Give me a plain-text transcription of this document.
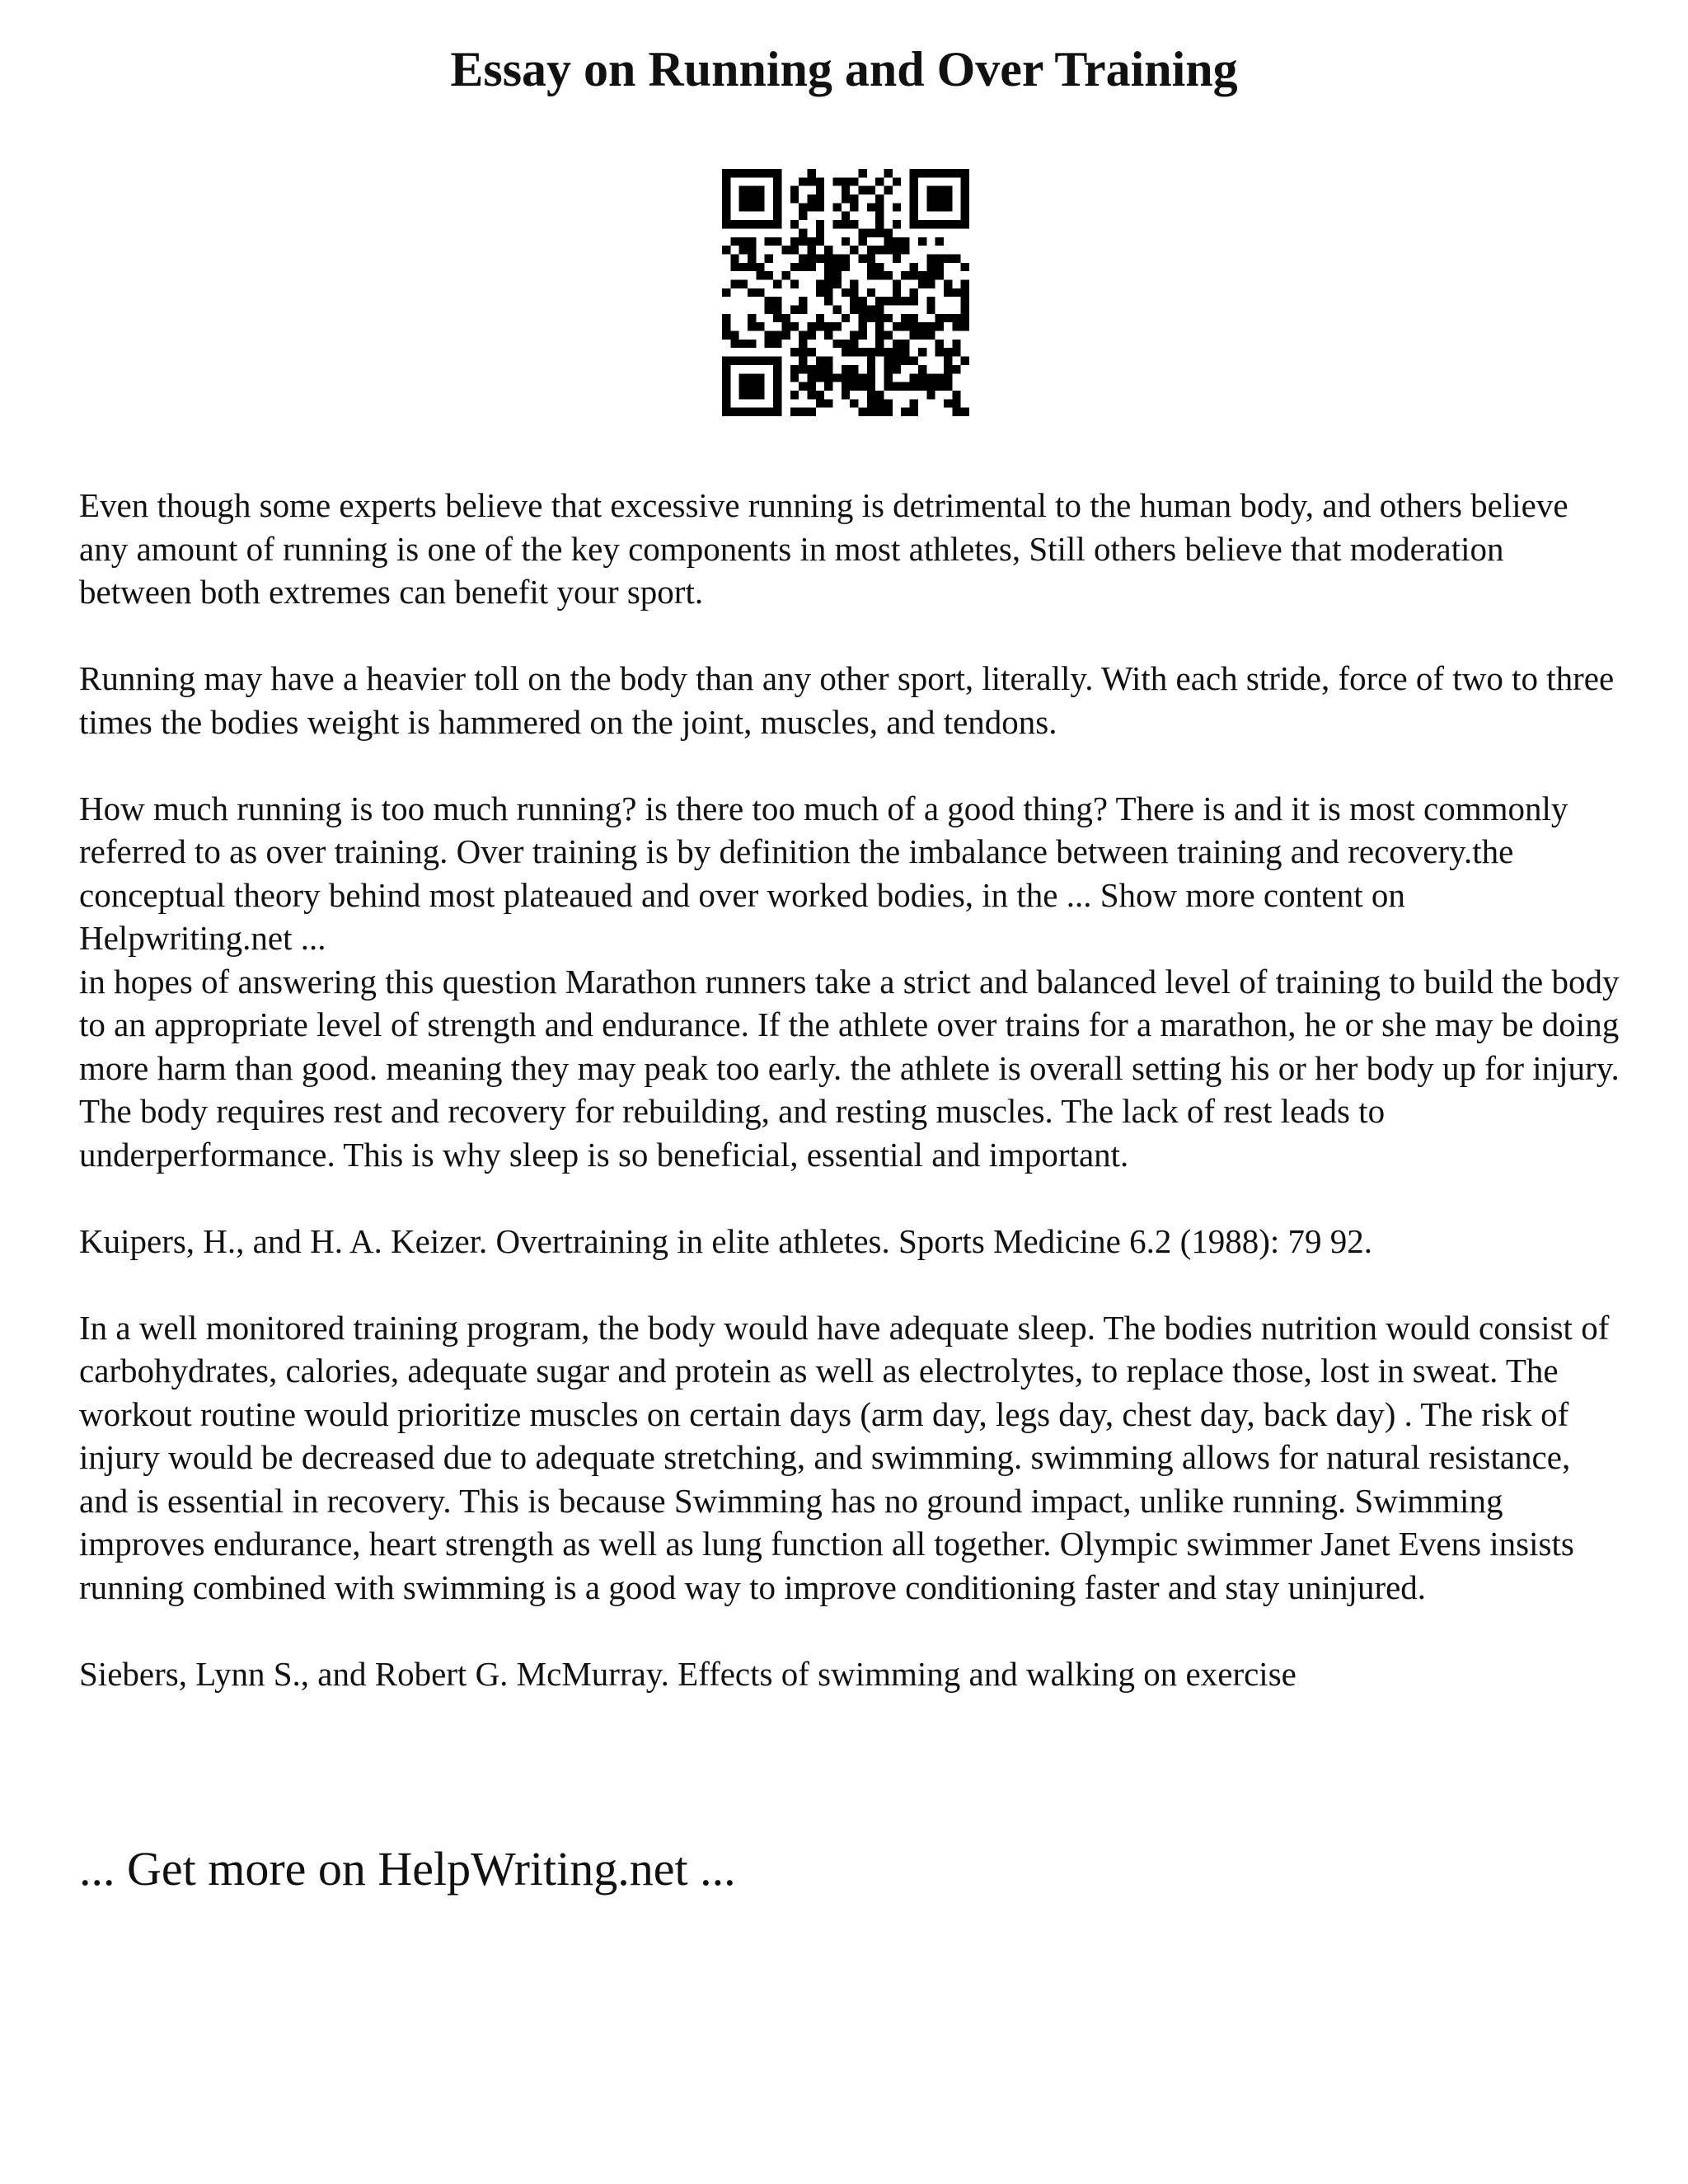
Essay on Running and Over Training

Even though some experts believe that excessive running is detrimental to the human body, and others believe any amount of running is one of the key components in most athletes, Still others believe that moderation between both extremes can benefit your sport.

Running may have a heavier toll on the body than any other sport, literally. With each stride, force of two to three times the bodies weight is hammered on the joint, muscles, and tendons.

How much running is too much running? is there too much of a good thing? There is and it is most commonly referred to as over training. Over training is by definition the imbalance between training and recovery.the conceptual theory behind most plateaued and over worked bodies, in the ... Show more content on Helpwriting.net ...

in hopes of answering this question Marathon runners take a strict and balanced level of training to build the body to an appropriate level of strength and endurance. If the athlete over trains for a marathon, he or she may be doing more harm than good. meaning they may peak too early. the athlete is overall setting his or her body up for injury. The body requires rest and recovery for rebuilding, and resting muscles. The lack of rest leads to underperformance. This is why sleep is so beneficial, essential and important.

Kuipers, H., and H. A. Keizer. Overtraining in elite athletes. Sports Medicine 6.2 (1988): 79 92.

In a well monitored training program, the body would have adequate sleep. The bodies nutrition would consist of carbohydrates, calories, adequate sugar and protein as well as electrolytes, to replace those, lost in sweat. The workout routine would prioritize muscles on certain days (arm day, legs day, chest day, back day) . The risk of injury would be decreased due to adequate stretching, and swimming. swimming allows for natural resistance, and is essential in recovery. This is because Swimming has no ground impact, unlike running. Swimming improves endurance, heart strength as well as lung function all together. Olympic swimmer Janet Evens insists running combined with swimming is a good way to improve conditioning faster and stay uninjured.

Siebers, Lynn S., and Robert G. McMurray. Effects of swimming and walking on exercise

... Get more on HelpWriting.net ...
